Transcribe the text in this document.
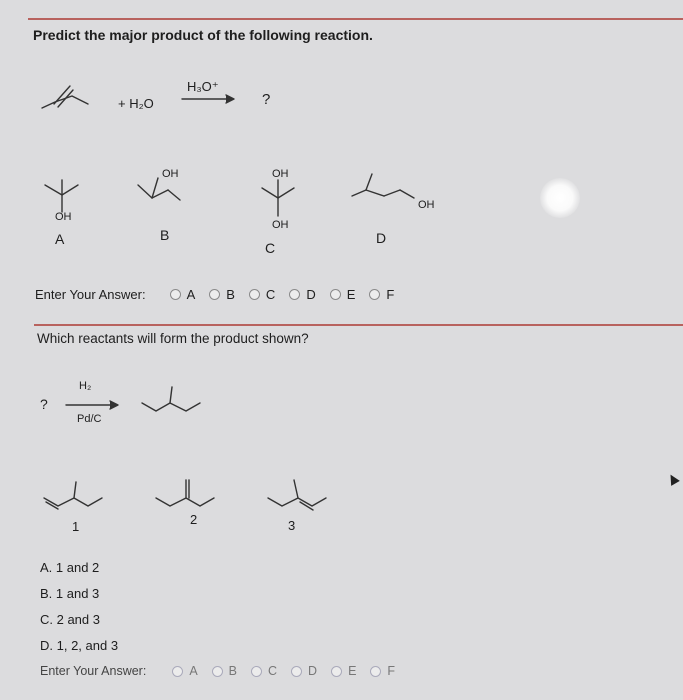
Predict the major product of the following reaction.
+ H₂O
H₃O⁺
?
OH
A
OH
B
OH
OH
C
OH
D
Enter Your Answer:	A B C D E F
Which reactants will form the product shown?
?
H₂
Pd/C
1	2	3
A. 1 and 2
B. 1 and 3
C. 2 and 3
D. 1, 2, and 3
Enter Your Answer:	A B C D E F
